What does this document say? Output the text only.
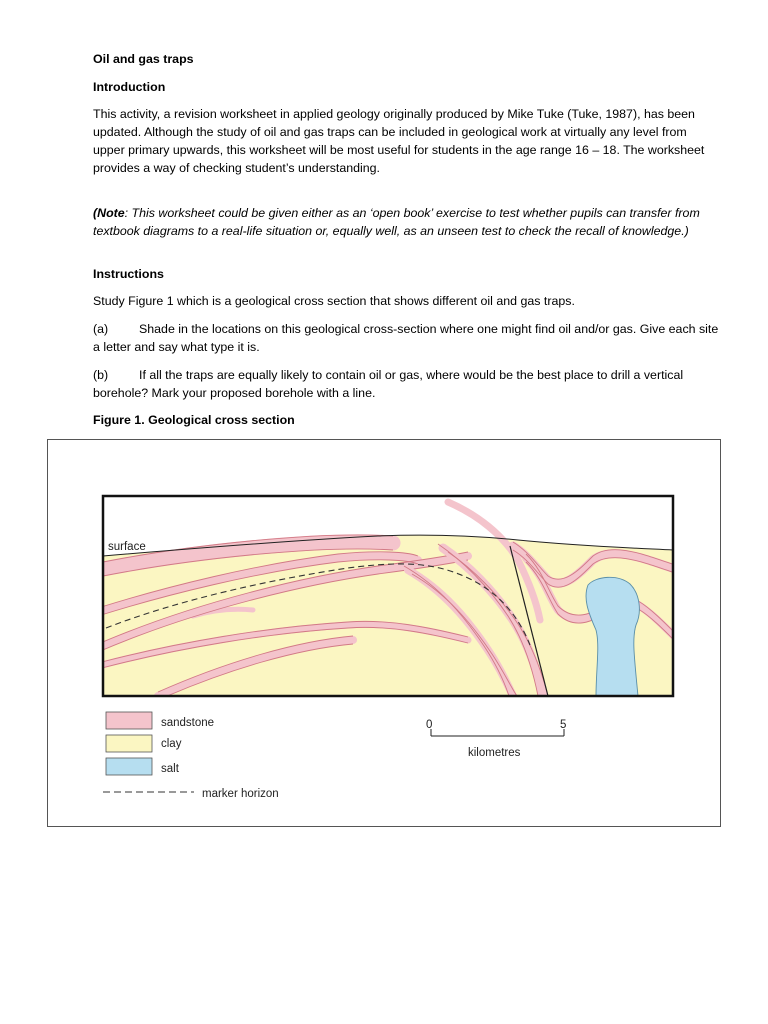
Oil and gas traps
Introduction

This activity, a revision worksheet in applied geology originally produced by Mike Tuke (Tuke, 1987), has been updated. Although the study of oil and gas traps can be included in geological work at virtually any level from upper primary upwards, this worksheet will be most useful for students in the age range 16 – 18. The worksheet provides a way of checking student’s understanding.

(Note: This worksheet could be given either as an ‘open book’ exercise to test whether pupils can transfer from textbook diagrams to a real-life situation or, equally well, as an unseen test to check the recall of knowledge.)

Instructions

Study Figure 1 which is a geological cross section that shows different oil and gas traps.

(a) Shade in the locations on this geological cross-section where one might find oil and/or gas. Give each site a letter and say what type it is.

(b) If all the traps are equally likely to contain oil or gas, where would be the best place to drill a vertical borehole? Mark your proposed borehole with a line.

Figure 1. Geological cross section
surface
sandstone
clay
salt
marker horizon
0	5
kilometres
